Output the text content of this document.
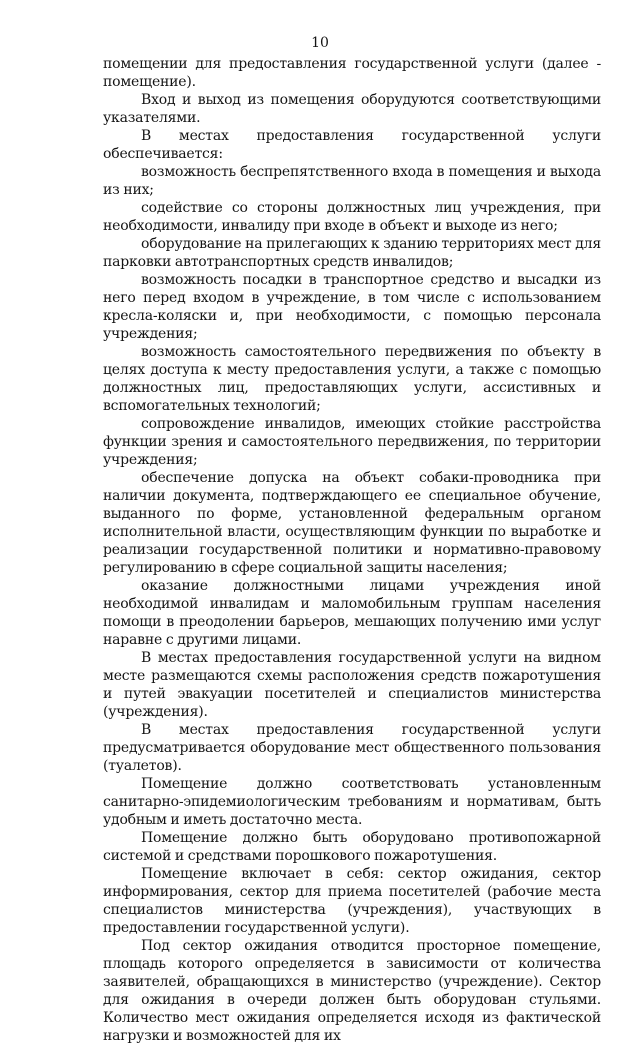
10

помещении для предоставления государственной услуги (далее - помещение).

Вход и выход из помещения оборудуются соответствующими указателями.

В местах предоставления государственной услуги обеспечивается:

возможность беспрепятственного входа в помещения и выхода из них;

содействие со стороны должностных лиц учреждения, при необходимости, инвалиду при входе в объект и выходе из него;

оборудование на прилегающих к зданию территориях мест для парковки автотранспортных средств инвалидов;

возможность посадки в транспортное средство и высадки из него перед входом в учреждение, в том числе с использованием кресла-коляски и, при необходимости, с помощью персонала учреждения;

возможность самостоятельного передвижения по объекту в целях доступа к месту предоставления услуги, а также с помощью должностных лиц, предоставляющих услуги, ассистивных и вспомогательных технологий;

сопровождение инвалидов, имеющих стойкие расстройства функции зрения и самостоятельного передвижения, по территории учреждения;

обеспечение допуска на объект собаки-проводника при наличии документа, подтверждающего ее специальное обучение, выданного по форме, установленной федеральным органом исполнительной власти, осуществляющим функции по выработке и реализации государственной политики и нормативно-правовому регулированию в сфере социальной защиты населения;

оказание должностными лицами учреждения иной необходимой инвалидам и маломобильным группам населения помощи в преодолении барьеров, мешающих получению ими услуг наравне с другими лицами.

В местах предоставления государственной услуги на видном месте размещаются схемы расположения средств пожаротушения и путей эвакуации посетителей и специалистов министерства (учреждения).

В местах предоставления государственной услуги предусматривается оборудование мест общественного пользования (туалетов).

Помещение должно соответствовать установленным санитарно-эпидемиологическим требованиям и нормативам, быть удобным и иметь достаточно места.

Помещение должно быть оборудовано противопожарной системой и средствами порошкового пожаротушения.

Помещение включает в себя: сектор ожидания, сектор информирования, сектор для приема посетителей (рабочие места специалистов министерства (учреждения), участвующих в предоставлении государственной услуги).

Под сектор ожидания отводится просторное помещение, площадь которого определяется в зависимости от количества заявителей, обращающихся в министерство (учреждение). Сектор для ожидания в очереди должен быть оборудован стульями. Количество мест ожидания определяется исходя из фактической нагрузки и возможностей для их
